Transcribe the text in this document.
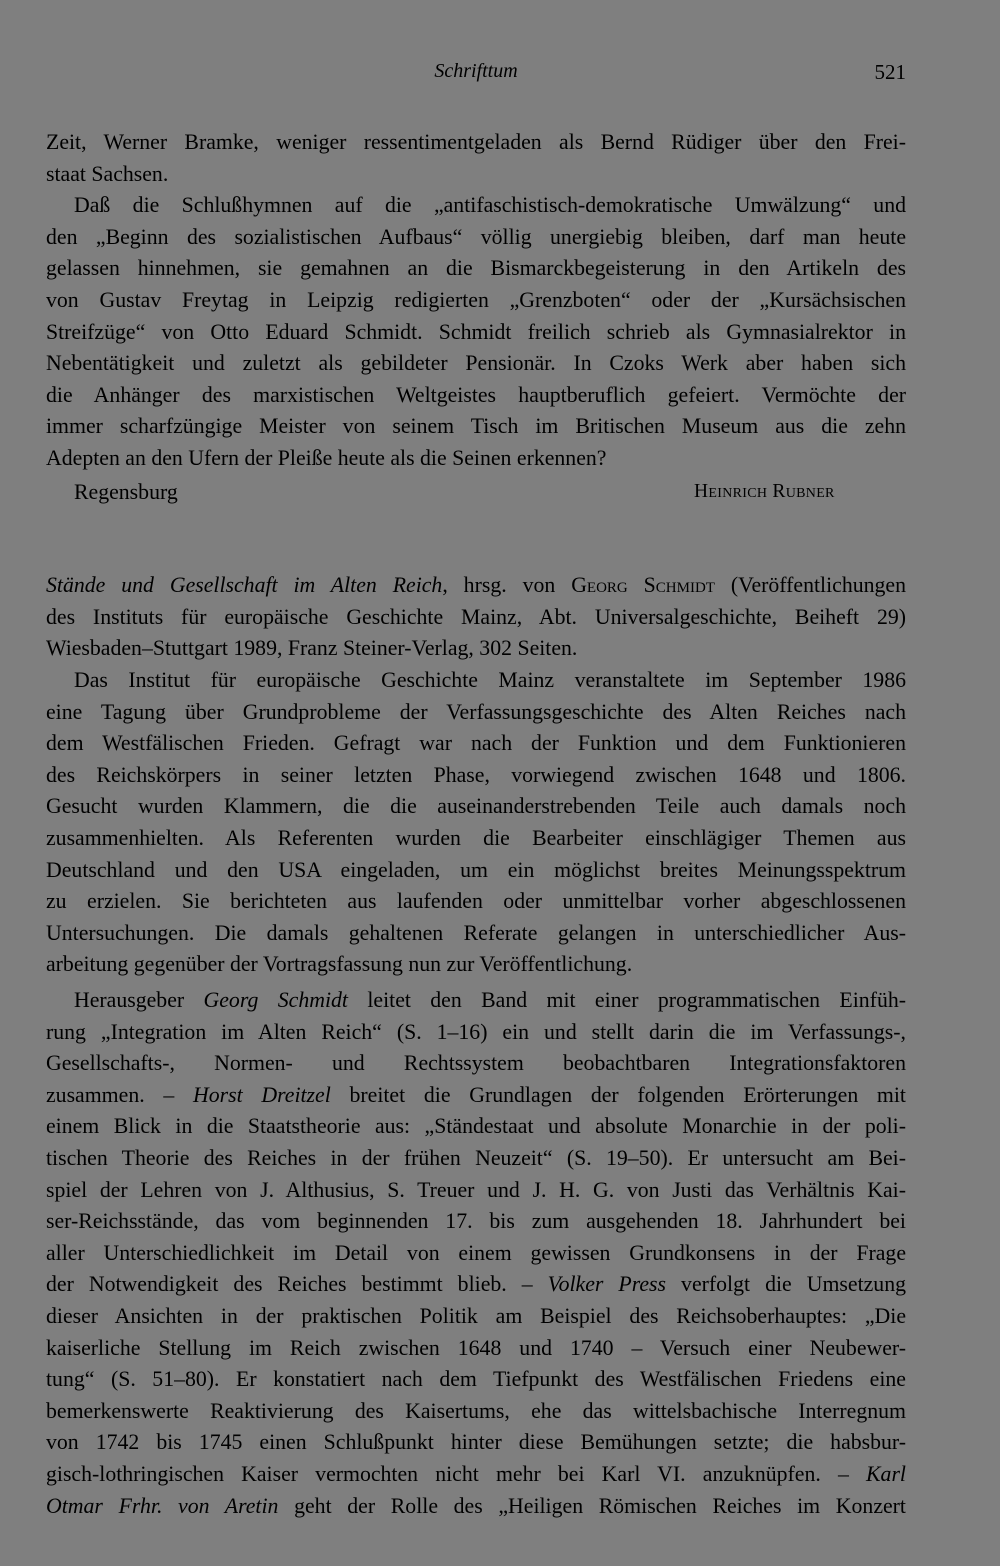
Schrifttum	521
Zeit, Werner Bramke, weniger ressentimentgeladen als Bernd Rüdiger über den Frei-
staat Sachsen.
Daß die Schlußhymnen auf die „antifaschistisch-demokratische Umwälzung“ und
den „Beginn des sozialistischen Aufbaus“ völlig unergiebig bleiben, darf man heute
gelassen hinnehmen, sie gemahnen an die Bismarckbegeisterung in den Artikeln des
von Gustav Freytag in Leipzig redigierten „Grenzboten“ oder der „Kursächsischen
Streifzüge“ von Otto Eduard Schmidt. Schmidt freilich schrieb als Gymnasialrektor in
Nebentätigkeit und zuletzt als gebildeter Pensionär. In Czoks Werk aber haben sich
die Anhänger des marxistischen Weltgeistes hauptberuflich gefeiert. Vermöchte der
immer scharfzüngige Meister von seinem Tisch im Britischen Museum aus die zehn
Adepten an den Ufern der Pleiße heute als die Seinen erkennen?
Regensburg	Heinrich Rubner
Stände und Gesellschaft im Alten Reich, hrsg. von Georg Schmidt (Veröffentlichungen
des Instituts für europäische Geschichte Mainz, Abt. Universalgeschichte, Beiheft 29)
Wiesbaden–Stuttgart 1989, Franz Steiner-Verlag, 302 Seiten.
Das Institut für europäische Geschichte Mainz veranstaltete im September 1986
eine Tagung über Grundprobleme der Verfassungsgeschichte des Alten Reiches nach
dem Westfälischen Frieden. Gefragt war nach der Funktion und dem Funktionieren
des Reichskörpers in seiner letzten Phase, vorwiegend zwischen 1648 und 1806.
Gesucht wurden Klammern, die die auseinanderstrebenden Teile auch damals noch
zusammenhielten. Als Referenten wurden die Bearbeiter einschlägiger Themen aus
Deutschland und den USA eingeladen, um ein möglichst breites Meinungsspektrum
zu erzielen. Sie berichteten aus laufenden oder unmittelbar vorher abgeschlossenen
Untersuchungen. Die damals gehaltenen Referate gelangen in unterschiedlicher Aus-
arbeitung gegenüber der Vortragsfassung nun zur Veröffentlichung.
Herausgeber Georg Schmidt leitet den Band mit einer programmatischen Einfüh-
rung „Integration im Alten Reich“ (S. 1–16) ein und stellt darin die im Verfassungs-,
Gesellschafts-, Normen- und Rechtssystem beobachtbaren Integrationsfaktoren
zusammen. – Horst Dreitzel breitet die Grundlagen der folgenden Erörterungen mit
einem Blick in die Staatstheorie aus: „Ständestaat und absolute Monarchie in der poli-
tischen Theorie des Reiches in der frühen Neuzeit“ (S. 19–50). Er untersucht am Bei-
spiel der Lehren von J. Althusius, S. Treuer und J. H. G. von Justi das Verhältnis Kai-
ser-Reichsstände, das vom beginnenden 17. bis zum ausgehenden 18. Jahrhundert bei
aller Unterschiedlichkeit im Detail von einem gewissen Grundkonsens in der Frage
der Notwendigkeit des Reiches bestimmt blieb. – Volker Press verfolgt die Umsetzung
dieser Ansichten in der praktischen Politik am Beispiel des Reichsoberhauptes: „Die
kaiserliche Stellung im Reich zwischen 1648 und 1740 – Versuch einer Neubewer-
tung“ (S. 51–80). Er konstatiert nach dem Tiefpunkt des Westfälischen Friedens eine
bemerkenswerte Reaktivierung des Kaisertums, ehe das wittelsbachische Interregnum
von 1742 bis 1745 einen Schlußpunkt hinter diese Bemühungen setzte; die habsbur-
gisch-lothringischen Kaiser vermochten nicht mehr bei Karl VI. anzuknüpfen. – Karl
Otmar Frhr. von Aretin geht der Rolle des „Heiligen Römischen Reiches im Konzert
